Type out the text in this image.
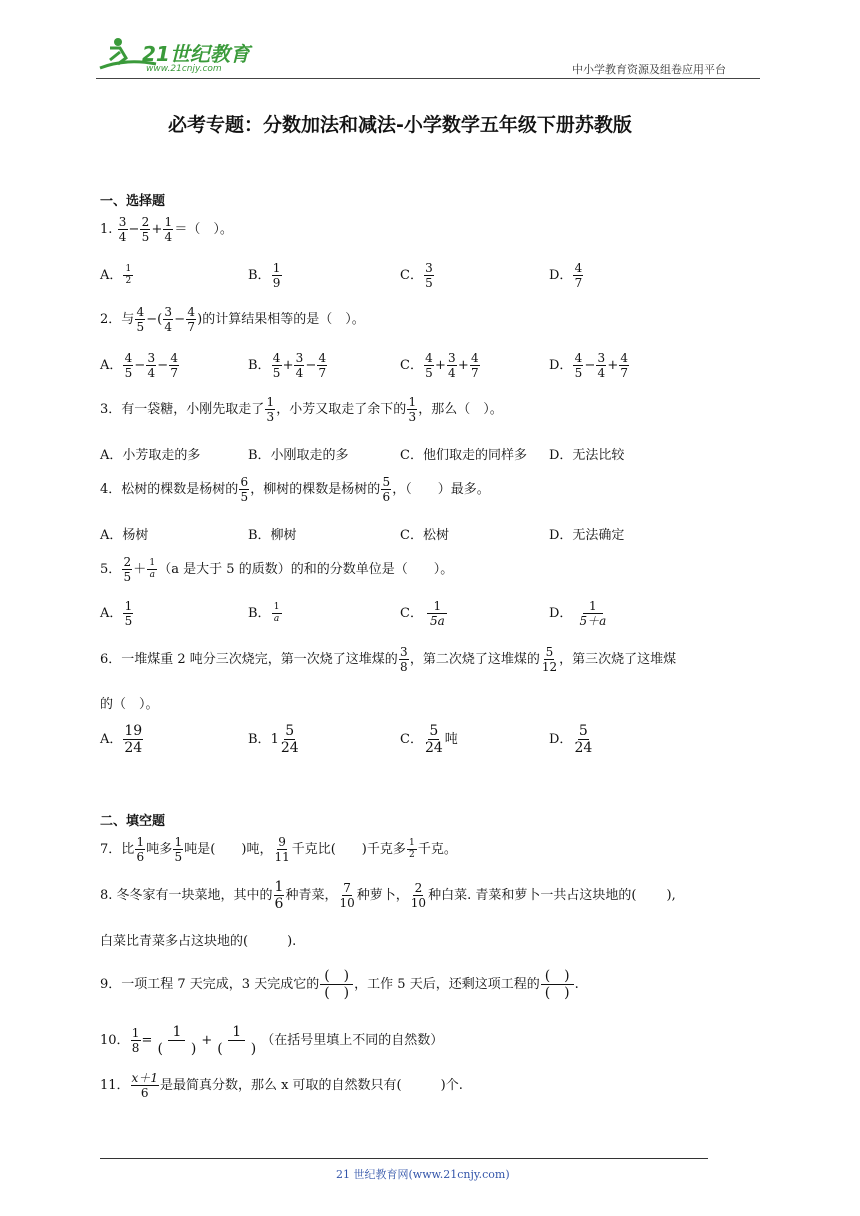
21世纪教育
www.21cnjy.com	中小学教育资源及组卷应用平台
必考专题：分数加法和减法-小学数学五年级下册苏教版
一、选择题
1. $\frac{3}{4} - \frac{2}{5} + \frac{1}{4}$ ＝（　）。
A． $\frac{1}{2}$	B． $\frac{1}{9}$	C． $\frac{3}{5}$	D． $\frac{4}{7}$
2．与 $\frac{4}{5}$ −( $\frac{3}{4} - \frac{4}{7}$ )的计算结果相等的是（　）。
A． $\frac{4}{5} - \frac{3}{4} - \frac{4}{7}$	B． $\frac{4}{5} + \frac{3}{4} - \frac{4}{7}$	C． $\frac{4}{5} + \frac{3}{4} + \frac{4}{7}$	D． $\frac{4}{5} - \frac{3}{4} + \frac{4}{7}$
3．有一袋糖，小刚先取走了 $\frac{1}{3}$ ，小芳又取走了余下的 $\frac{1}{3}$ ，那么（　）。
A．小芳取走的多	B．小刚取走的多	C．他们取走的同样多 D．无法比较
4．松树的棵数是杨树的 $\frac{6}{5}$ ，柳树的棵数是杨树的 $\frac{5}{6}$ ，（　　）最多。
A．杨树	B．柳树	C．松树	D．无法确定
5． $\frac{2}{5} + \frac{1}{a} (a$ 是大于 5 的质数）的和的分数单位是（　　）。
A． $\frac{1}{5}$	B． $\frac{1}{a}$	C． $\frac{1}{5a}$	D． $\frac{1}{5+a}$
6．一堆煤重 2 吨分三次烧完，第一次烧了这堆煤的 $\frac{3}{8}$ ，第二次烧了这堆煤的 $\frac{5}{12}$ ，第三次烧了这堆煤
的（　）。
A． $\frac{19}{24}$	B．$1 \frac{5}{24}$	C． $\frac{5}{24}$ 吨	D． $\frac{5}{24}$
二、填空题
7．比 $\frac{1}{6}$ 吨多 $\frac{1}{5}$ 吨是(　　)吨， $\frac{9}{11}$ 千克比(　　)千克多 $\frac{1}{2}$ 千克。
8. 冬冬家有一块菜地，其中的 $\frac{1}{6}$ 种青菜， $\frac{7}{10}$ 种萝卜， $\frac{2}{10}$ 种白菜. 青菜和萝卜一共占这块地的(　　 ),
白菜比青菜多占这块地的(　　　).
9．一项工程 7 天完成，3 天完成它的 $\frac{( )}{( )}$ ，工作 5 天后，还剩这项工程的 $\frac{( )}{( )}$ .
10． $\frac{1}{8} = \frac{1}{( )} + \frac{1}{( )}$ （在括号里填上不同的自然数）
11． $\frac{x+1}{6}$ 是最简真分数，那么 x 可取的自然数只有(　　　)个.
21 世纪教育网(www.21cnjy.com)
